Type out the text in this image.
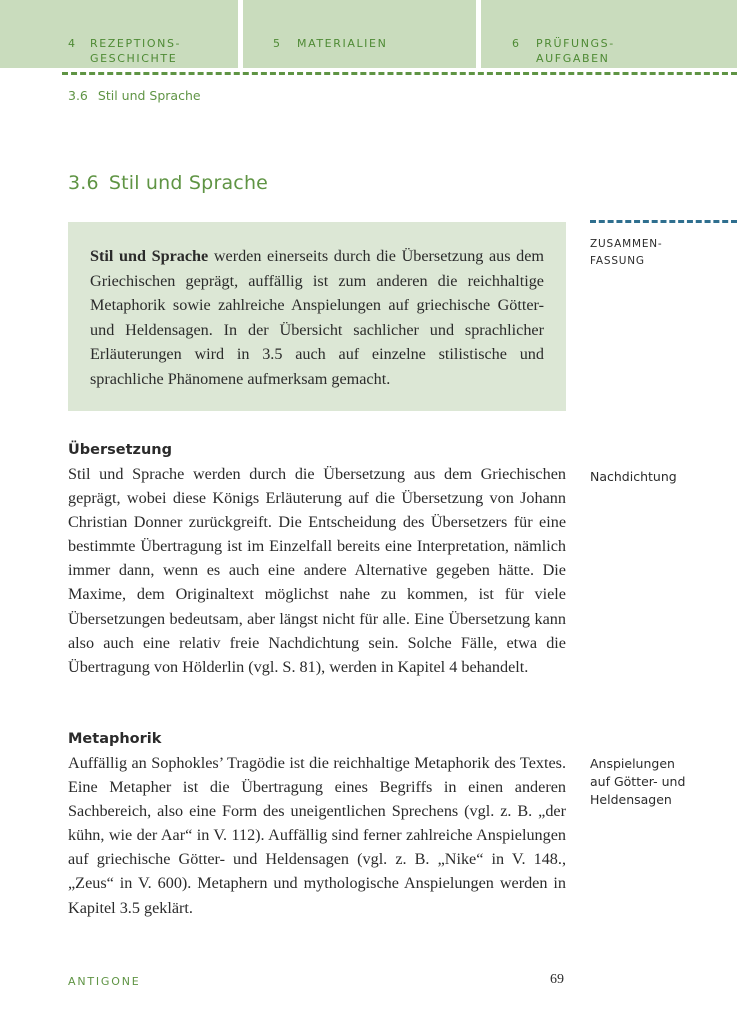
4 REZEPTIONS-
GESCHICHTE
5 MATERIALIEN	6 PRÜFUNGS-
AUFGABEN
3.6 Stil und Sprache
3.6 Stil und Sprache
ZUSAMMEN-
FASSUNG

Stil und Sprache werden einerseits durch die Übersetzung aus dem Griechischen geprägt, auffällig ist zum anderen die reichhaltige Metaphorik sowie zahlreiche Anspielungen auf griechische Götter- und Heldensagen. In der Übersicht sachlicher und sprachlicher Erläuterungen wird in 3.5 auch auf einzelne stilistische und sprachliche Phänomene aufmerksam gemacht.

Übersetzung

Stil und Sprache werden durch die Übersetzung aus dem Griechischen geprägt, wobei diese Königs Erläuterung auf die Übersetzung von Johann Christian Donner zurückgreift. Die Entscheidung des Übersetzers für eine bestimmte Übertragung ist im Einzelfall bereits eine Interpretation, nämlich immer dann, wenn es auch eine andere Alternative gegeben hätte. Die Maxime, dem Originaltext möglichst nahe zu kommen, ist für viele Übersetzungen bedeutsam, aber längst nicht für alle. Eine Übersetzung kann also auch eine relativ freie Nachdichtung sein. Solche Fälle, etwa die Übertragung von Hölderlin (vgl. S. 81), werden in Kapitel 4 behandelt.

Nachdichtung
Metaphorik

Auffällig an Sophokles’ Tragödie ist die reichhaltige Metaphorik des Textes. Eine Metapher ist die Übertragung eines Begriffs in einen anderen Sachbereich, also eine Form des uneigentlichen Sprechens (vgl. z. B. „der kühn, wie der Aar“ in V. 112). Auffällig sind ferner zahlreiche Anspielungen auf griechische Götter- und Heldensagen (vgl. z. B. „Nike“ in V. 148., „Zeus“ in V. 600). Metaphern und mythologische Anspielungen werden in Kapitel 3.5 geklärt.

Anspielungen
auf Götter- und
Heldensagen
ANTIGONE	69
